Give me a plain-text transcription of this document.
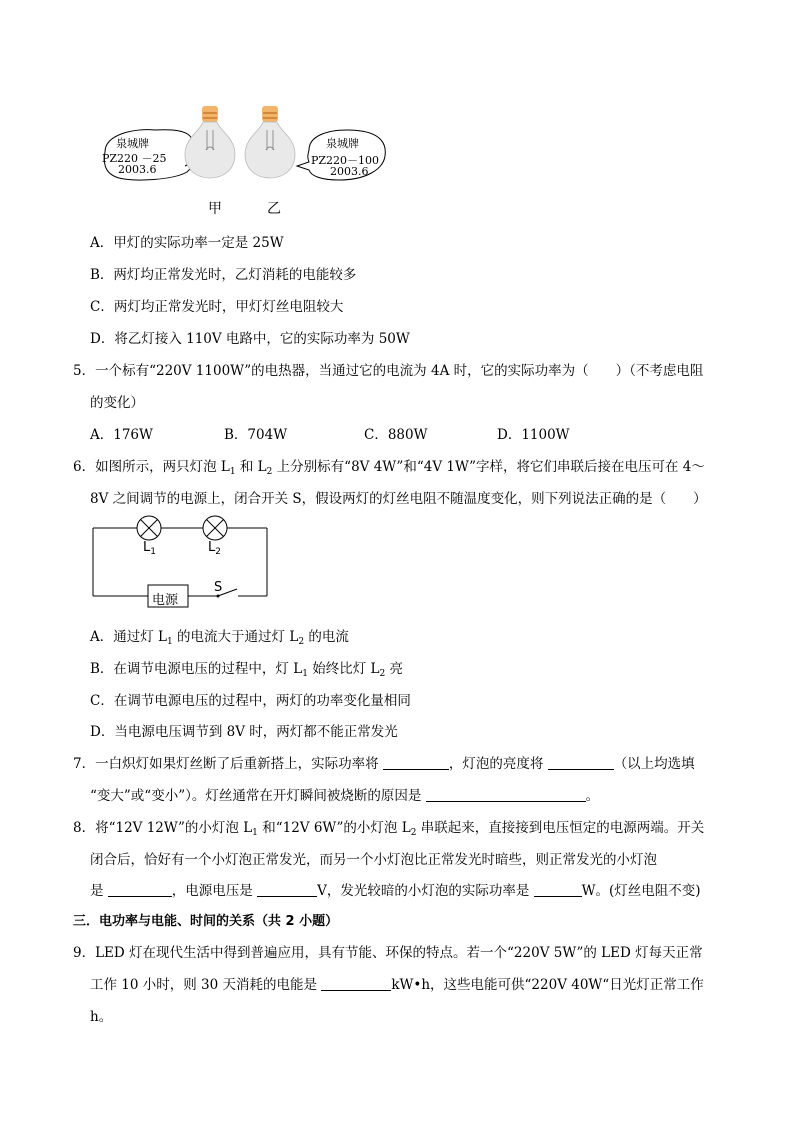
泉城牌
PZ220 －25
2003.6
泉城牌
PZ220－100
2003.6
甲	乙
A．甲灯的实际功率一定是 25W
B．两灯均正常发光时，乙灯消耗的电能较多
C．两灯均正常发光时，甲灯灯丝电阻较大
D．将乙灯接入 110V 电路中，它的实际功率为 50W
5．一个标有“220V 1100W”的电热器，当通过它的电流为 4A 时，它的实际功率为（　　）（不考虑电阻
的变化）
A．176W	B．704W	C．880W	D．1100W
6．如图所示，两只灯泡 $L_1$ 和 $L_2$ 上分别标有“8V 4W”和“4V 1W”字样，将它们串联后接在电压可在 4～
8V 之间调节的电源上，闭合开关 S，假设两灯的灯丝电阻不随温度变化，则下列说法正确的是（　　）
$L_1$	$L_2$
电源
S
A．通过灯 $L_1$ 的电流大于通过灯 $L_2$ 的电流
B．在调节电源电压的过程中，灯 $L_1$ 始终比灯 $L_2$ 亮
C．在调节电源电压的过程中，两灯的功率变化量相同
D．当电源电压调节到 8V 时，两灯都不能正常发光
7．一白炽灯如果灯丝断了后重新搭上，实际功率将	，灯泡的亮度将	（以上均选填
“变大”或“变小”）。灯丝通常在开灯瞬间被烧断的原因是	。
8．将“12V 12W”的小灯泡 $L_1$ 和“12V 6W”的小灯泡 $L_2$ 串联起来，直接接到电压恒定的电源两端。开关
闭合后，恰好有一个小灯泡正常发光，而另一个小灯泡比正常发光时暗些，则正常发光的小灯泡
是	，电源电压是	V，发光较暗的小灯泡的实际功率是	W。(灯丝电阻不变)
三．电功率与电能、时间的关系（共 2 小题）
9．LED 灯在现代生活中得到普遍应用，具有节能、环保的特点。若一个“220V 5W”的 LED 灯每天正常
工作 10 小时，则 30 天消耗的电能是	kW•h，这些电能可供“220V 40W“日光灯正常工作
h。
